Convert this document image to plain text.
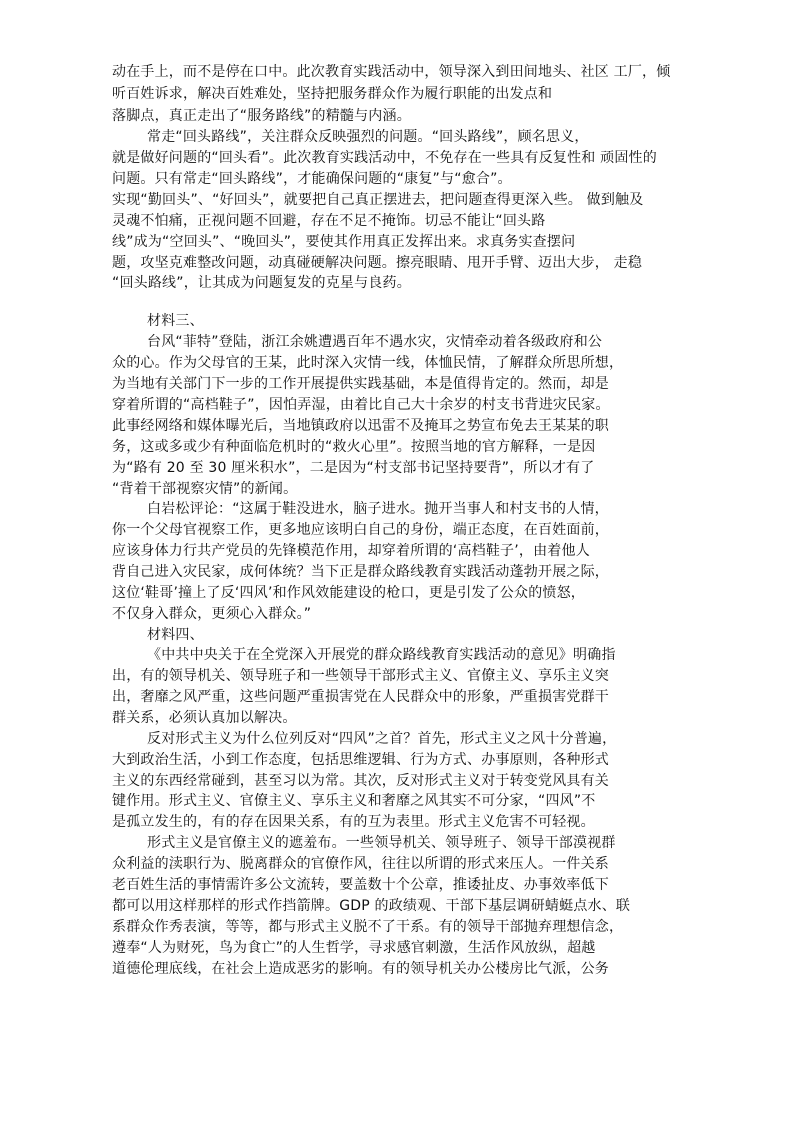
动在手上，而不是停在口中。此次教育实践活动中，领导深入到田间地头、社区 工厂，倾
听百姓诉求，解决百姓难处，坚持把服务群众作为履行职能的出发点和
落脚点，真正走出了“服务路线”的精髓与内涵。
常走“回头路线”，关注群众反映强烈的问题。“回头路线”，顾名思义，
就是做好问题的“回头看”。此次教育实践活动中，不免存在一些具有反复性和 顽固性的
问题。只有常走“回头路线”，才能确保问题的“康复”与“愈合”。
实现“勤回头”、“好回头”，就要把自己真正摆进去，把问题查得更深入些。 做到触及
灵魂不怕痛，正视问题不回避，存在不足不掩饰。切忌不能让“回头路
线”成为“空回头”、“晚回头”，要使其作用真正发挥出来。求真务实查摆问
题，攻坚克难整改问题，动真碰硬解决问题。擦亮眼睛、甩开手臂、迈出大步， 走稳
“回头路线”，让其成为问题复发的克星与良药。
材料三、
台风“菲特”登陆，浙江余姚遭遇百年不遇水灾，灾情牵动着各级政府和公
众的心。作为父母官的王某，此时深入灾情一线，体恤民情，了解群众所思所想，
为当地有关部门下一步的工作开展提供实践基础，本是值得肯定的。然而，却是
穿着所谓的“高档鞋子”，因怕弄湿，由着比自己大十余岁的村支书背进灾民家。
此事经网络和媒体曝光后，当地镇政府以迅雷不及掩耳之势宣布免去王某某的职
务，这或多或少有种面临危机时的“救火心里”。按照当地的官方解释，一是因
为“路有 20 至 30 厘米积水”，二是因为“村支部书记坚持要背”，所以才有了
“背着干部视察灾情”的新闻。
白岩松评论：“这属于鞋没进水，脑子进水。抛开当事人和村支书的人情，
你一个父母官视察工作，更多地应该明白自己的身份，端正态度，在百姓面前，
应该身体力行共产党员的先锋模范作用，却穿着所谓的‘高档鞋子’，由着他人
背自己进入灾民家，成何体统？当下正是群众路线教育实践活动蓬勃开展之际，
这位‘鞋哥’撞上了反‘四风’和作风效能建设的枪口，更是引发了公众的愤怒，
不仅身入群众，更须心入群众。”
材料四、
《中共中央关于在全党深入开展党的群众路线教育实践活动的意见》明确指
出，有的领导机关、领导班子和一些领导干部形式主义、官僚主义、享乐主义突
出，奢靡之风严重，这些问题严重损害党在人民群众中的形象，严重损害党群干
群关系，必须认真加以解决。
反对形式主义为什么位列反对“四风”之首？首先，形式主义之风十分普遍，
大到政治生活，小到工作态度，包括思维逻辑、行为方式、办事原则，各种形式
主义的东西经常碰到，甚至习以为常。其次，反对形式主义对于转变党风具有关
键作用。形式主义、官僚主义、享乐主义和奢靡之风其实不可分家，“四风”不
是孤立发生的，有的存在因果关系，有的互为表里。形式主义危害不可轻视。
形式主义是官僚主义的遮羞布。一些领导机关、领导班子、领导干部漠视群
众利益的渎职行为、脱离群众的官僚作风，往往以所谓的形式来压人。一件关系
老百姓生活的事情需许多公文流转，要盖数十个公章，推诿扯皮、办事效率低下
都可以用这样那样的形式作挡箭牌。GDP 的政绩观、干部下基层调研蜻蜓点水、联
系群众作秀表演，等等，都与形式主义脱不了干系。有的领导干部抛弃理想信念，
遵奉“人为财死，鸟为食亡”的人生哲学，寻求感官刺激，生活作风放纵，超越
道德伦理底线，在社会上造成恶劣的影响。有的领导机关办公楼房比气派，公务
